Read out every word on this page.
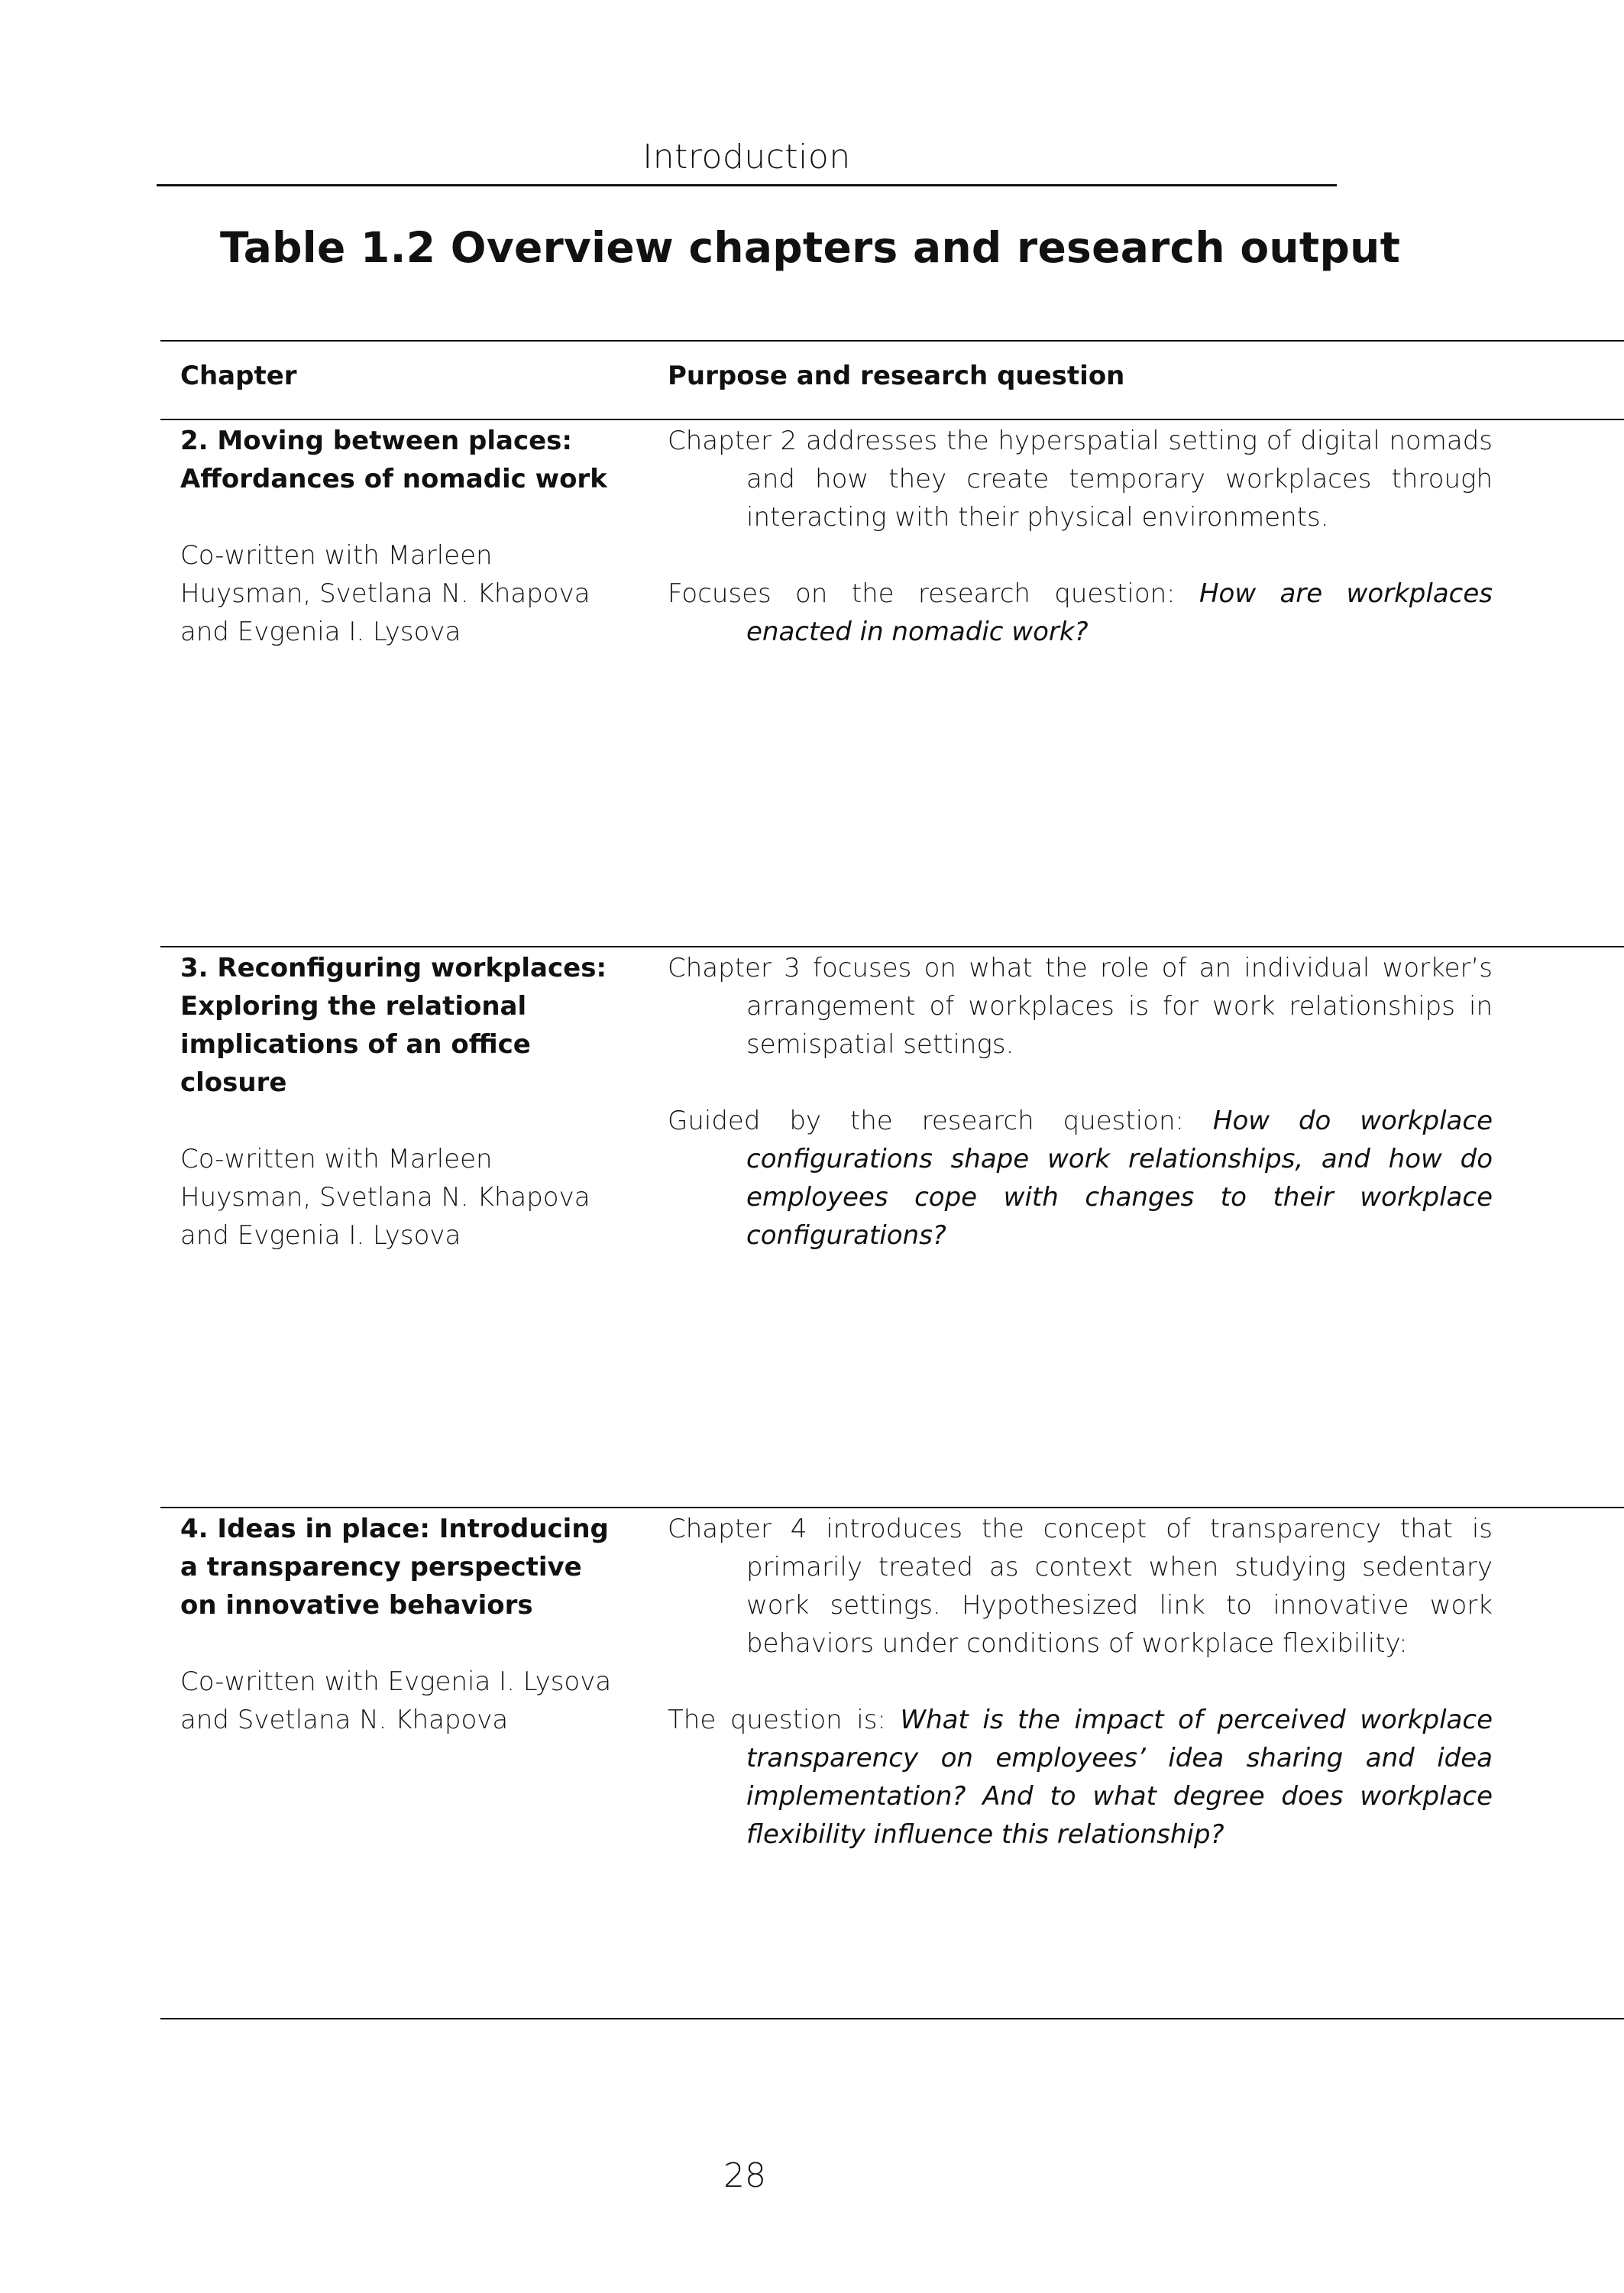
Introduction
Table 1.2 Overview chapters and research output
Chapter	Purpose and research question

2. Moving between places: Affordances of nomadic work

Co-written with Marleen Huysman, Svetlana N. Khapova and Evgenia I. Lysova

Chapter 2 addresses the hyperspatial setting of digital nomads and how they create temporary workplaces through interacting with their physical environments.

Focuses on the research question: How are workplaces enacted in nomadic work?

3. Reconfiguring workplaces: Exploring the relational implications of an office closure

Co-written with Marleen Huysman, Svetlana N. Khapova and Evgenia I. Lysova

Chapter 3 focuses on what the role of an individual worker’s arrangement of workplaces is for work relationships in semispatial settings.

Guided by the research question: How do workplace configurations shape work relationships, and how do employees cope with changes to their workplace configurations?

4. Ideas in place: Introducing a transparency perspective on innovative behaviors

Co-written with Evgenia I. Lysova and Svetlana N. Khapova

Chapter 4 introduces the concept of transparency that is primarily treated as context when studying sedentary work settings. Hypothesized link to innovative work behaviors under conditions of workplace flexibility:

The question is: What is the impact of perceived workplace transparency on employees’ idea sharing and idea implementation? And to what degree does workplace flexibility influence this relationship?

28
